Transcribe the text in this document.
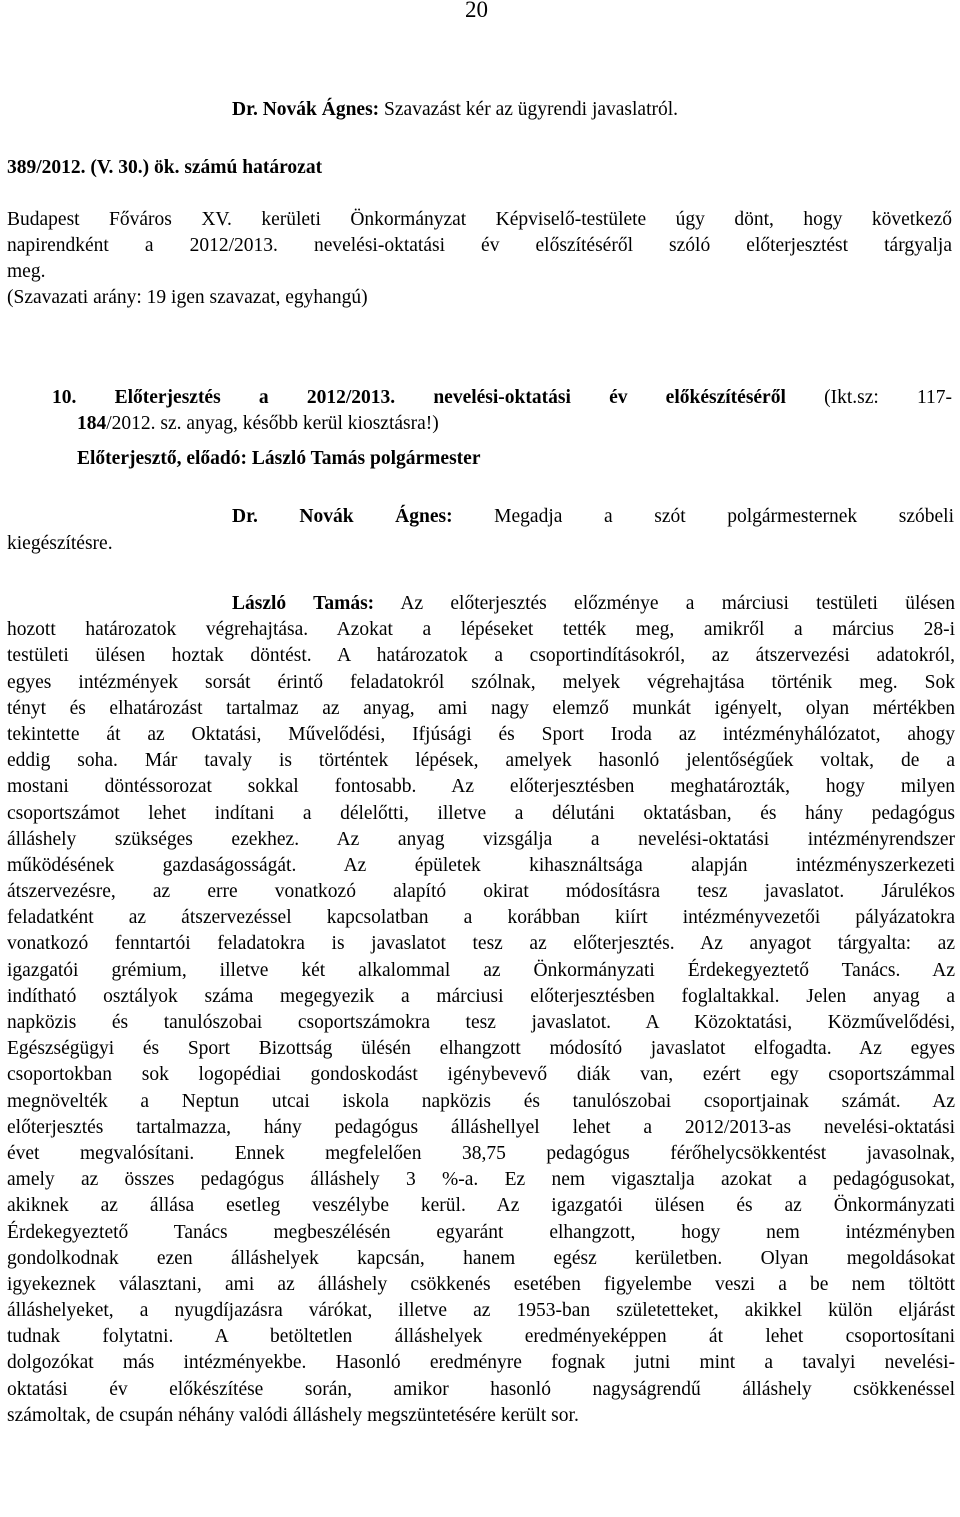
20
Dr. Novák Ágnes: Szavazást kér az ügyrendi javaslatról.
389/2012. (V. 30.) ök. számú határozat
Budapest Főváros XV. kerületi Önkormányzat Képviselő-testülete úgy dönt, hogy következő
napirendként a 2012/2013. nevelési-oktatási év előszítéséről szóló előterjesztést tárgyalja
meg.
(Szavazati arány: 19 igen szavazat, egyhangú)
10. Előterjesztés a 2012/2013. nevelési-oktatási év előkészítéséről (Ikt.sz: 117-
184/2012. sz. anyag, később kerül kiosztásra!)
Előterjesztő, előadó: László Tamás polgármester
Dr. Novák Ágnes: Megadja a szót polgármesternek szóbeli
kiegészítésre.
László Tamás: Az előterjesztés előzménye a márciusi testületi ülésen
hozott határozatok végrehajtása. Azokat a lépéseket tették meg, amikről a március 28-i
testületi ülésen hoztak döntést. A határozatok a csoportindításokról, az átszervezési adatokról,
egyes intézmények sorsát érintő feladatokról szólnak, melyek végrehajtása történik meg. Sok
tényt és elhatározást tartalmaz az anyag, ami nagy elemző munkát igényelt, olyan mértékben
tekintette át az Oktatási, Művelődési, Ifjúsági és Sport Iroda az intézményhálózatot, ahogy
eddig soha. Már tavaly is történtek lépések, amelyek hasonló jelentőségűek voltak, de a
mostani döntéssorozat sokkal fontosabb. Az előterjesztésben meghatározták, hogy milyen
csoportszámot lehet indítani a délelőtti, illetve a délutáni oktatásban, és hány pedagógus
álláshely szükséges ezekhez. Az anyag vizsgálja a nevelési-oktatási intézményrendszer
működésének gazdaságosságát. Az épületek kihasználtsága alapján intézményszerkezeti
átszervezésre, az erre vonatkozó alapító okirat módosításra tesz javaslatot. Járulékos
feladatként az átszervezéssel kapcsolatban a korábban kiírt intézményvezetői pályázatokra
vonatkozó fenntartói feladatokra is javaslatot tesz az előterjesztés. Az anyagot tárgyalta: az
igazgatói grémium, illetve két alkalommal az Önkormányzati Érdekegyeztető Tanács. Az
indítható osztályok száma megegyezik a márciusi előterjesztésben foglaltakkal. Jelen anyag a
napközis és tanulószobai csoportszámokra tesz javaslatot. A Közoktatási, Közművelődési,
Egészségügyi és Sport Bizottság ülésén elhangzott módosító javaslatot elfogadta. Az egyes
csoportokban sok logopédiai gondoskodást igénybevevő diák van, ezért egy csoportszámmal
megnövelték a Neptun utcai iskola napközis és tanulószobai csoportjainak számát. Az
előterjesztés tartalmazza, hány pedagógus álláshellyel lehet a 2012/2013-as nevelési-oktatási
évet megvalósítani. Ennek megfelelően 38,75 pedagógus férőhelycsökkentést javasolnak,
amely az összes pedagógus álláshely 3 %-a. Ez nem vigasztalja azokat a pedagógusokat,
akiknek az állása esetleg veszélybe kerül. Az igazgatói ülésen és az Önkormányzati
Érdekegyeztető Tanács megbeszélésén egyaránt elhangzott, hogy nem intézményben
gondolkodnak ezen álláshelyek kapcsán, hanem egész kerületben. Olyan megoldásokat
igyekeznek választani, ami az álláshely csökkenés esetében figyelembe veszi a be nem töltött
álláshelyeket, a nyugdíjazásra várókat, illetve az 1953-ban születetteket, akikkel külön eljárást
tudnak folytatni. A betöltetlen álláshelyek eredményeképpen át lehet csoportosítani
dolgozókat más intézményekbe. Hasonló eredményre fognak jutni mint a tavalyi nevelési-
oktatási év előkészítése során, amikor hasonló nagyságrendű álláshely csökkenéssel
számoltak, de csupán néhány valódi álláshely megszüntetésére került sor.
